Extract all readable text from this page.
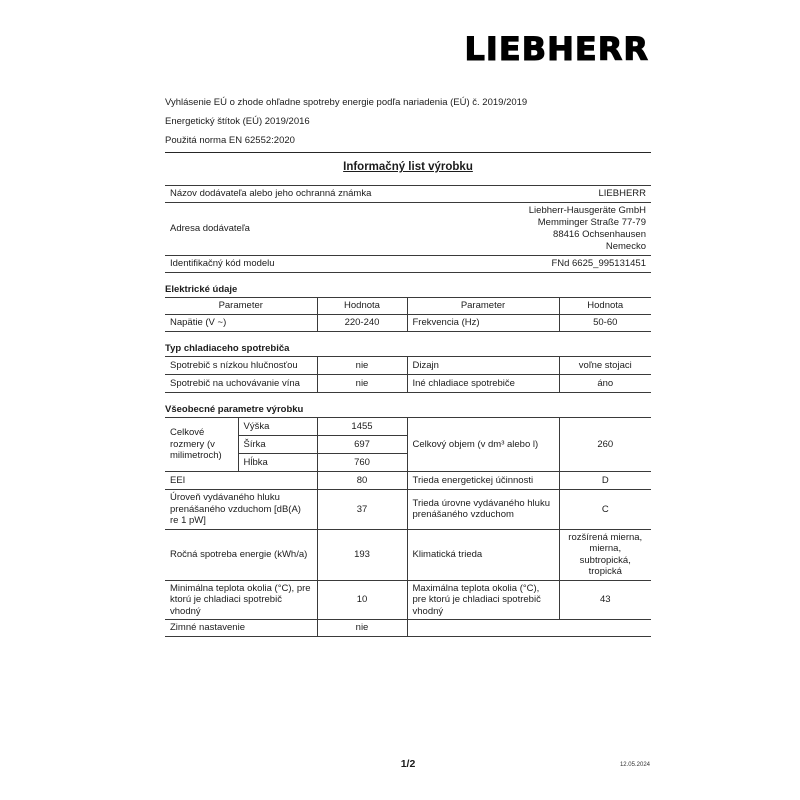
LIEBHERR
Vyhlásenie EÚ o zhode ohľadne spotreby energie podľa nariadenia (EÚ) č. 2019/2019
Energetický štítok (EÚ) 2019/2016
Použitá norma EN 62552:2020
Informačný list výrobku
Názov dodávateľa alebo jeho ochranná známka	LIEBHERR
Adresa dodávateľa	Liebherr-Hausgeräte GmbH
Memminger Straße 77-79
88416 Ochsenhausen
Nemecko

Identifikačný kód modelu	FNd 6625_995131451
Elektrické údaje
Parameter	Hodnota	Parameter	Hodnota
Napätie (V ~)	220-240	Frekvencia (Hz)	50-60
Typ chladiaceho spotrebiča
Spotrebič s nízkou hlučnosťou	nie	Dizajn	voľne stojaci
Spotrebič na uchovávanie vína	nie	Iné chladiace spotrebiče	áno
Všeobecné parametre výrobku
Celkové rozmery (v milimetroch)	Výška	1455	Celkový objem (v dm³ alebo l)	260
	Šírka	697		
	Hĺbka	760		
EEI		80	Trieda energetickej účinnosti	D
Úroveň vydávaného hluku prenášaného vzduchom [dB(A) re 1 pW]		37	Trieda úrovne vydávaného hluku prenášaného vzduchom	C
Ročná spotreba energie (kWh/a)		193	Klimatická trieda	rozšírená mierna,
mierna,
subtropická,
tropická

Minimálna teplota okolia (°C), pre ktorú je chladiaci spotrebič vhodný		10	Maximálna teplota okolia (°C), pre ktorú je chladiaci spotrebič vhodný	43
Zimné nastavenie		nie		
1/2	12.05.2024
